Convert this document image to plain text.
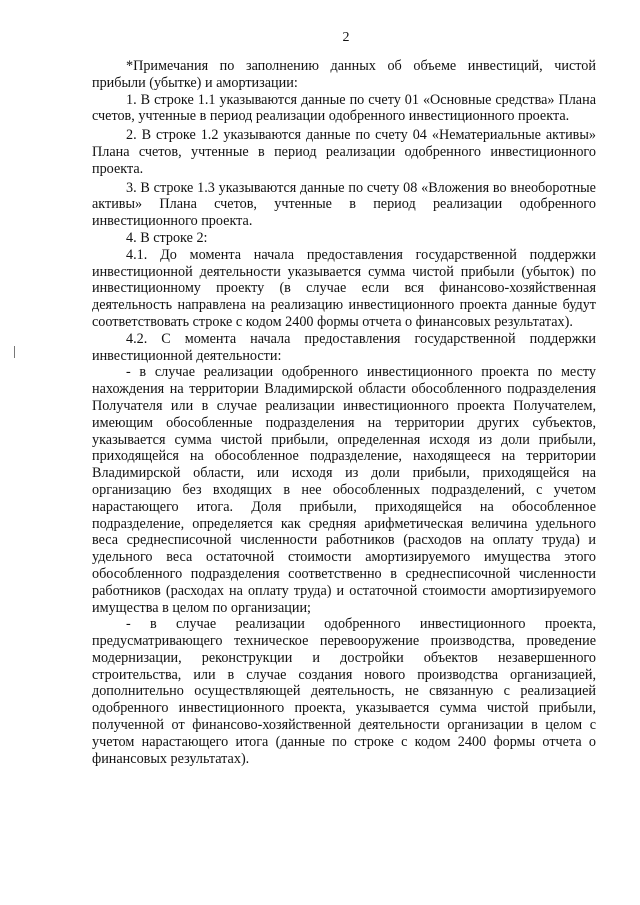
2

*Примечания по заполнению данных об объеме инвестиций, чистой прибыли (убытке) и амортизации:

1. В строке 1.1 указываются данные по счету 01 «Основные средства» Плана счетов, учтенные в период реализации одобренного инвестиционного проекта.

2. В строке 1.2 указываются данные по счету 04 «Нематериальные активы» Плана счетов, учтенные в период реализации одобренного инвестиционного проекта.

3. В строке 1.3 указываются данные по счету 08 «Вложения во внеоборотные активы» Плана счетов, учтенные в период реализации одобренного инвестиционного проекта.

4. В строке 2:

4.1. До момента начала предоставления государственной поддержки инвестиционной деятельности указывается сумма чистой прибыли (убыток) по инвестиционному проекту (в случае если вся финансово-хозяйственная деятельность направлена на реализацию инвестиционного проекта данные будут соответствовать строке с кодом 2400 формы отчета о финансовых результатах).

4.2. С момента начала предоставления государственной поддержки инвестиционной деятельности:

- в случае реализации одобренного инвестиционного проекта по месту нахождения на территории Владимирской области обособленного подразделения Получателя или в случае реализации инвестиционного проекта Получателем, имеющим обособленные подразделения на территории других субъектов, указывается сумма чистой прибыли, определенная исходя из доли прибыли, приходящейся на обособленное подразделение, находящееся на территории Владимирской области, или исходя из доли прибыли, приходящейся на организацию без входящих в нее обособленных подразделений, с учетом нарастающего итога. Доля прибыли, приходящейся на обособленное подразделение, определяется как средняя арифметическая величина удельного веса среднесписочной численности работников (расходов на оплату труда) и удельного веса остаточной стоимости амортизируемого имущества этого обособленного подразделения соответственно в среднесписочной численности работников (расходах на оплату труда) и остаточной стоимости амортизируемого имущества в целом по организации;

- в случае реализации одобренного инвестиционного проекта, предусматривающего техническое перевооружение производства, проведение модернизации, реконструкции и достройки объектов незавершенного строительства, или в случае создания нового производства организацией, дополнительно осуществляющей деятельность, не связанную с реализацией одобренного инвестиционного проекта, указывается сумма чистой прибыли, полученной от финансово-хозяйственной деятельности организации в целом с учетом нарастающего итога (данные по строке с кодом 2400 формы отчета о финансовых результатах).
